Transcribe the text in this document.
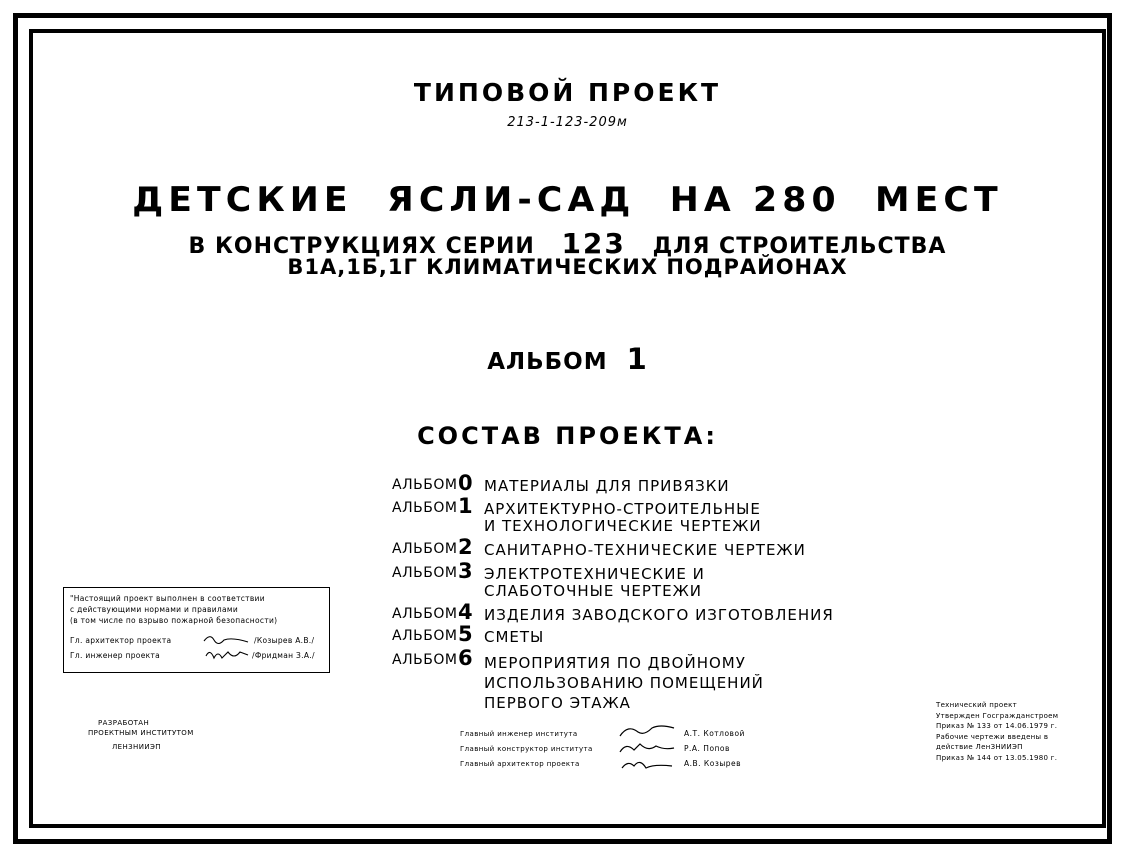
ТИПОВОЙ ПРОЕКТ
213-1-123-209м
ДЕТСКИЕ  ЯСЛИ-САД  НА 280  МЕСТ
В КОНСТРУКЦИЯХ СЕРИИ 123 ДЛЯ СТРОИТЕЛЬСТВА
В1А,1Б,1Г КЛИМАТИЧЕСКИХ ПОДРАЙОНАХ
АЛЬБОМ 1
СОСТАВ ПРОЕКТА:
АЛЬБОМ 0 МАТЕРИАЛЫ ДЛЯ ПРИВЯЗКИ
АЛЬБОМ 1 АРХИТЕКТУРНО-СТРОИТЕЛЬНЫЕ
И ТЕХНОЛОГИЧЕСКИЕ ЧЕРТЕЖИ
АЛЬБОМ 2 САНИТАРНО-ТЕХНИЧЕСКИЕ ЧЕРТЕЖИ
АЛЬБОМ 3 ЭЛЕКТРОТЕХНИЧЕСКИЕ И
СЛАБОТОЧНЫЕ ЧЕРТЕЖИ
АЛЬБОМ 4 ИЗДЕЛИЯ ЗАВОДСКОГО ИЗГОТОВЛЕНИЯ
АЛЬБОМ 5 СМЕТЫ
АЛЬБОМ 6 МЕРОПРИЯТИЯ ПО ДВОЙНОМУ
ИСПОЛЬЗОВАНИЮ ПОМЕЩЕНИЙ
ПЕРВОГО ЭТАЖА
"Настоящий проект выполнен в соответствии
с действующими нормами и правилами
(в том числе по взрыво пожарной безопасности)
Гл. архитектор проекта	/Козырев А.В./
Гл. инженер проекта	/Фридман З.А./
РАЗРАБОТАН
ПРОЕКТНЫМ ИНСТИТУТОМ
ЛЕНЗНИИЭП
Главный инженер института	А.Т. Котловой
Главный конструктор института	Р.А. Попов
Главный архитектор проекта	А.В. Козырев
Технический проект
Утвержден Госгражданстроем
Приказ № 133 от 14.06.1979 г.
Рабочие чертежи введены в
действие ЛенЗНИИЭП
Приказ № 144 от 13.05.1980 г.
